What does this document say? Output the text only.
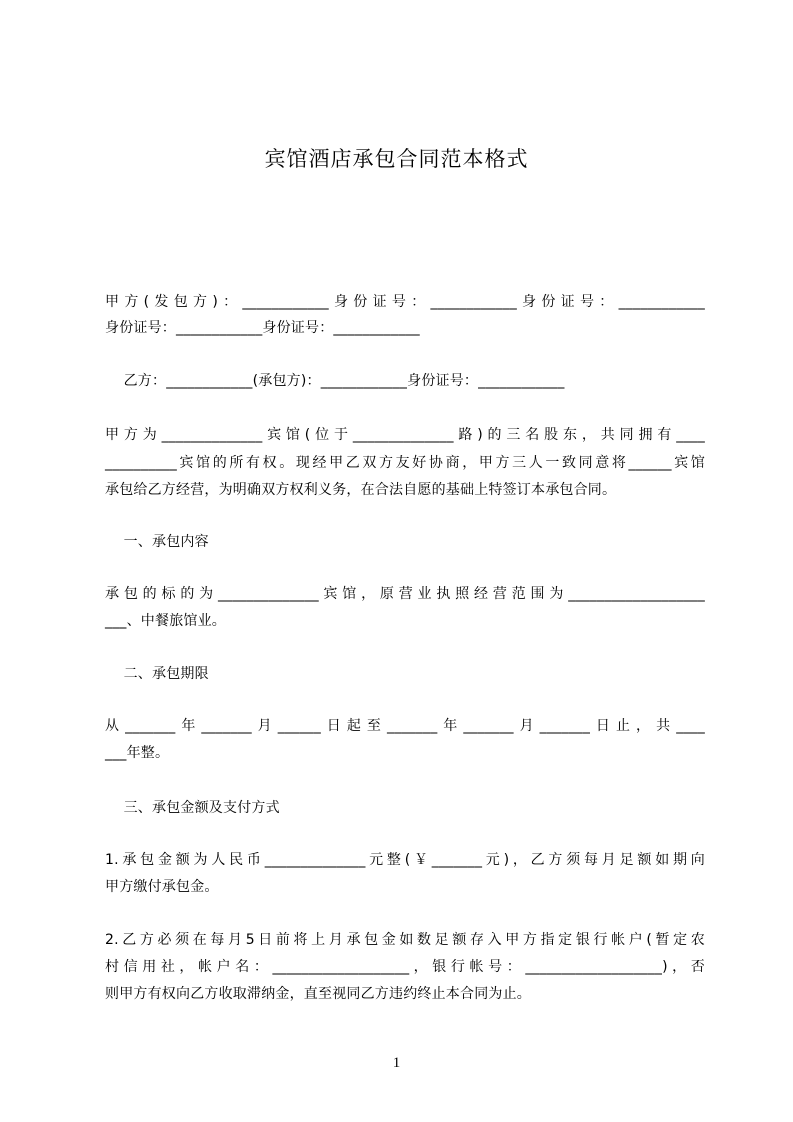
宾馆酒店承包合同范本格式
甲方(发包方)：____________身份证号：____________身份证号：____________
身份证号：____________身份证号：____________
乙方：____________(承包方)：____________身份证号：____________
甲方为______________宾馆(位于______________路)的三名股东，共同拥有____
__________宾馆的所有权。现经甲乙双方友好协商，甲方三人一致同意将______宾馆
承包给乙方经营，为明确双方权利义务，在合法自愿的基础上特签订本承包合同。
一、承包内容
承包的标的为______________宾馆，原营业执照经营范围为___________________
___、中餐旅馆业。
二、承包期限
从_______年_______月______日起至_______年_______月_______日止，共____
___年整。
三、承包金额及支付方式
1.承包金额为人民币______________元整(￥_______元)，乙方须每月足额如期向
甲方缴付承包金。
2.乙方必须在每月5日前将上月承包金如数足额存入甲方指定银行帐户(暂定农
村信用社，帐户名：___________________，银行帐号：___________________)，否
则甲方有权向乙方收取滞纳金，直至视同乙方违约终止本合同为止。
1
